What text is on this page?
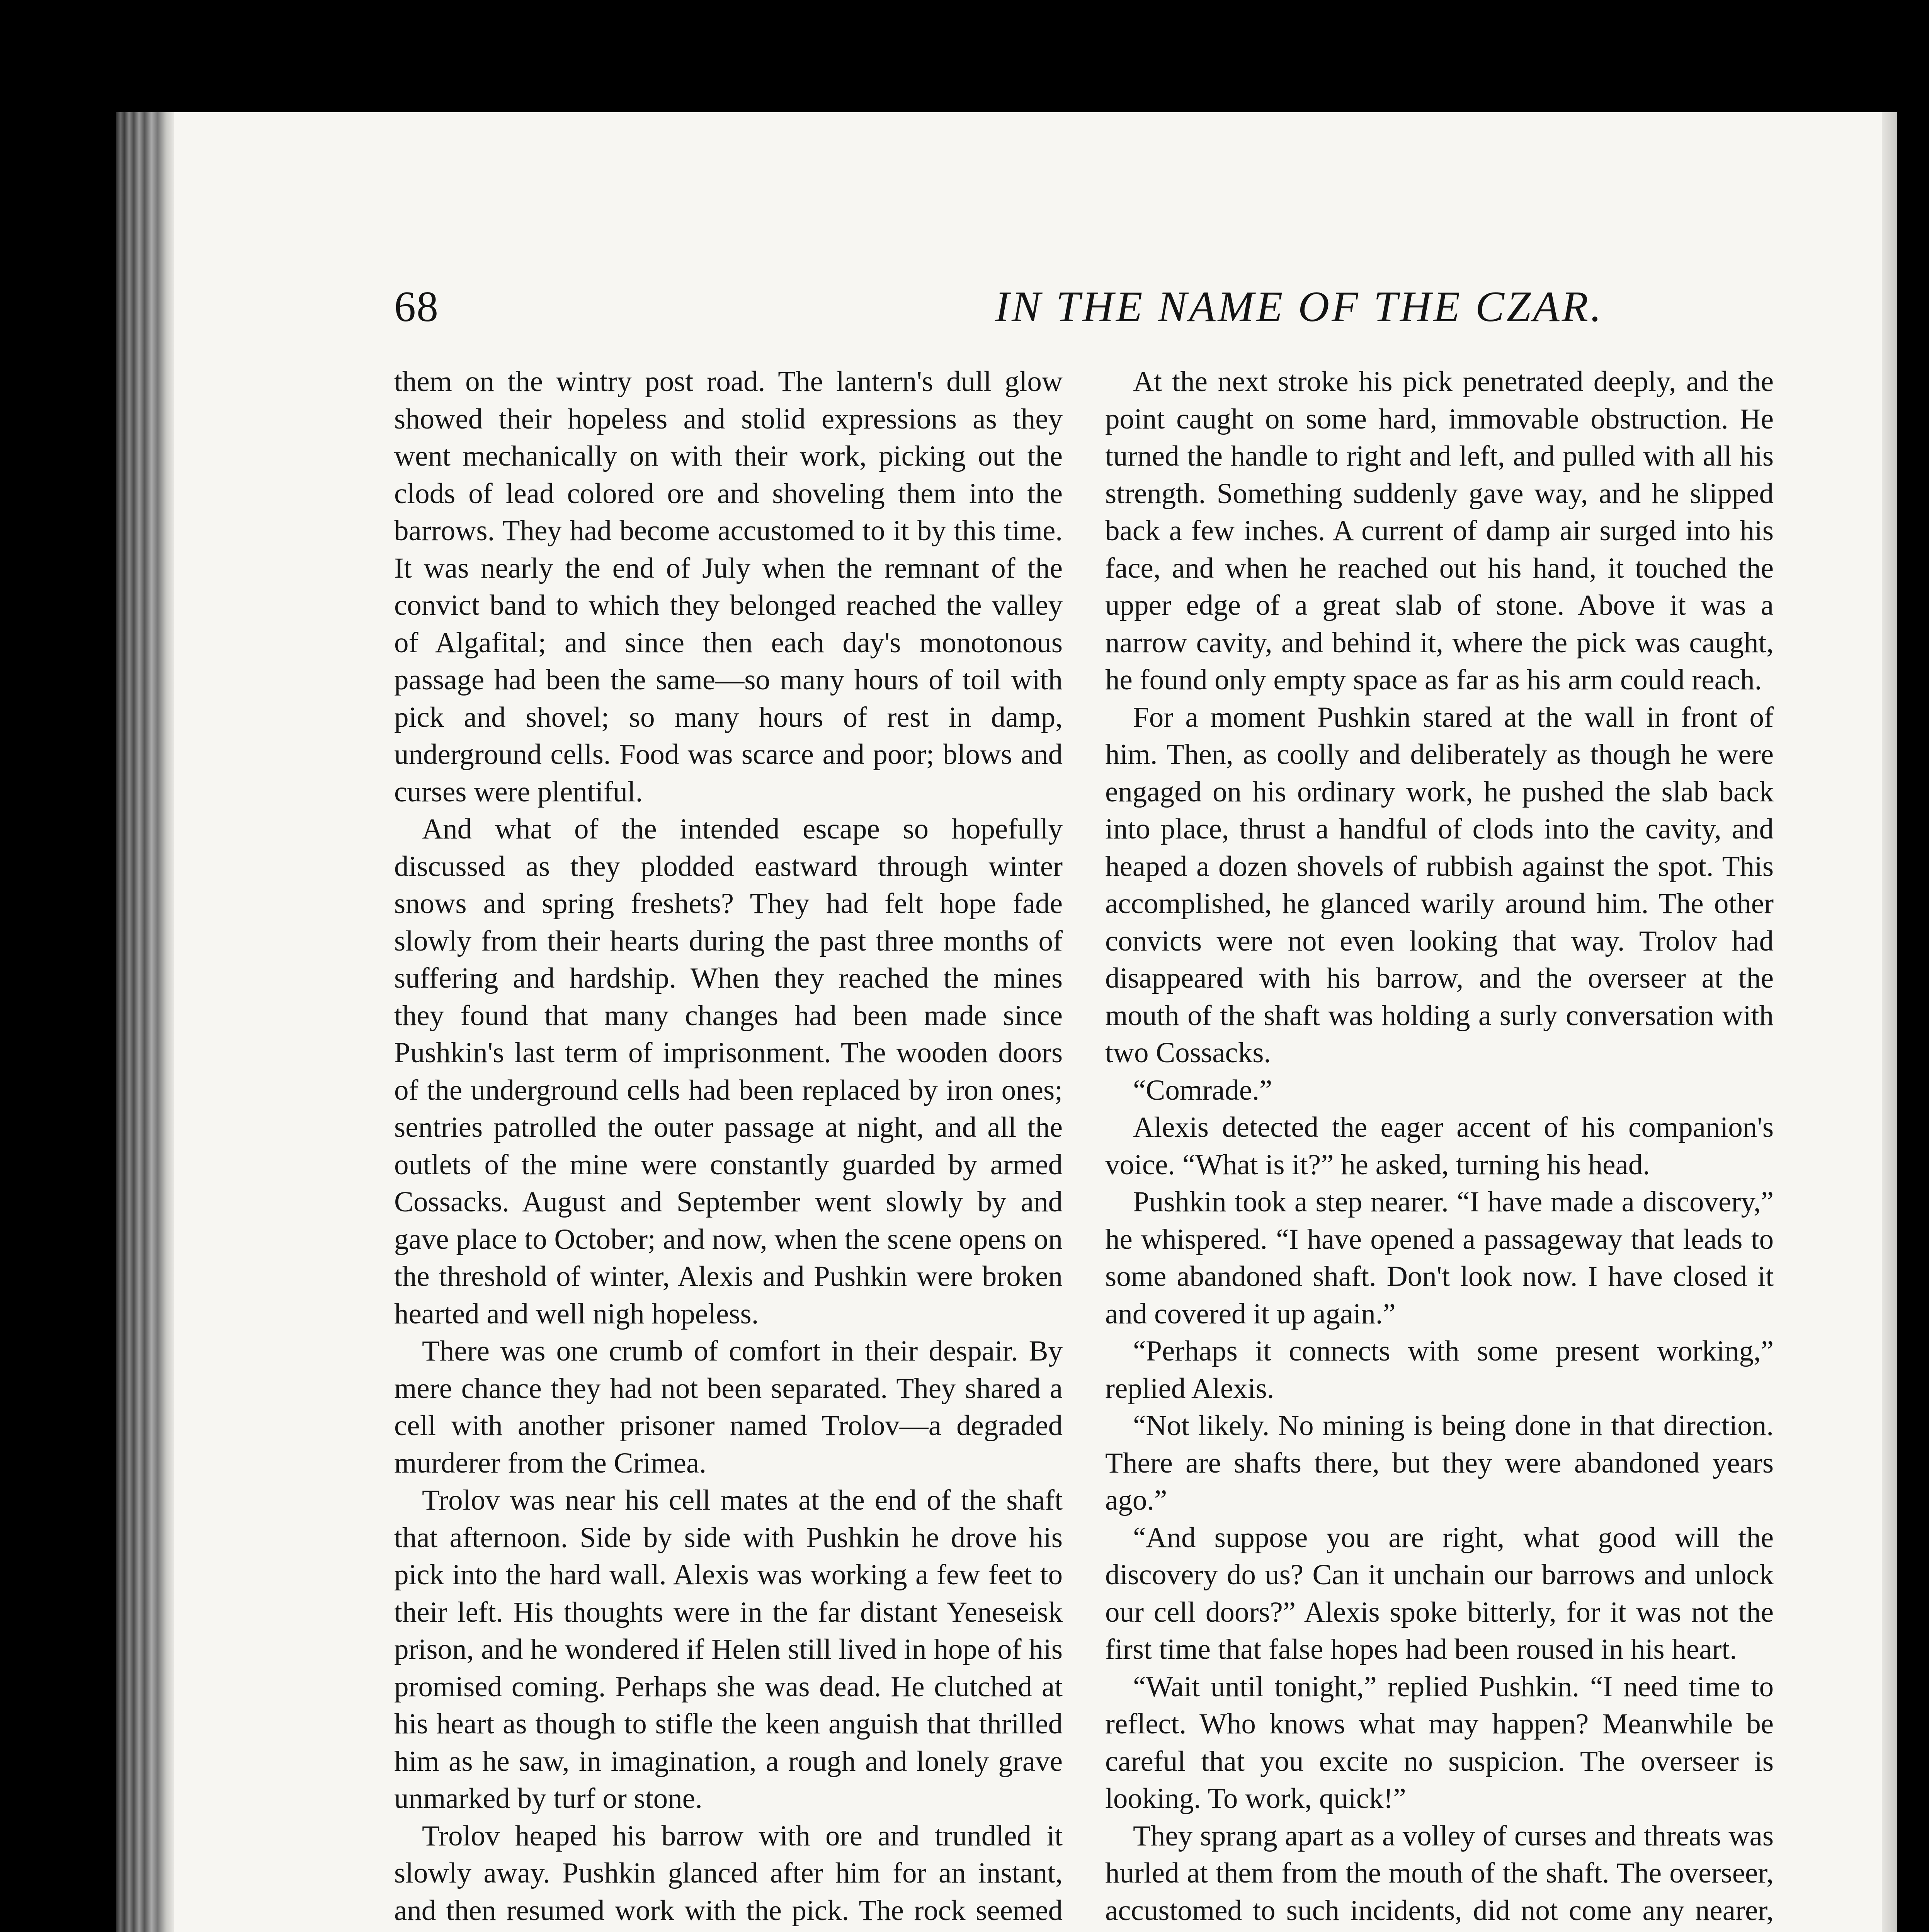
68	IN THE NAME OF THE CZAR.

them on the wintry post road. The lantern's dull glow showed their hopeless and stolid expressions as they went mechanically on with their work, picking out the clods of lead colored ore and shoveling them into the barrows. They had become accustomed to it by this time. It was nearly the end of July when the remnant of the convict band to which they belonged reached the valley of Algafital; and since then each day's monotonous passage had been the same—so many hours of toil with pick and shovel; so many hours of rest in damp, underground cells. Food was scarce and poor; blows and curses were plentiful.

And what of the intended escape so hopefully discussed as they plodded eastward through winter snows and spring freshets? They had felt hope fade slowly from their hearts during the past three months of suffering and hardship. When they reached the mines they found that many changes had been made since Pushkin's last term of imprisonment. The wooden doors of the underground cells had been replaced by iron ones; sentries patrolled the outer passage at night, and all the outlets of the mine were constantly guarded by armed Cossacks. August and September went slowly by and gave place to October; and now, when the scene opens on the threshold of winter, Alexis and Pushkin were broken hearted and well nigh hopeless.

There was one crumb of comfort in their despair. By mere chance they had not been separated. They shared a cell with another prisoner named Trolov—a degraded murderer from the Crimea.

Trolov was near his cell mates at the end of the shaft that afternoon. Side by side with Pushkin he drove his pick into the hard wall. Alexis was working a few feet to their left. His thoughts were in the far distant Yeneseisk prison, and he wondered if Helen still lived in hope of his promised coming. Perhaps she was dead. He clutched at his heart as though to stifle the keen anguish that thrilled him as he saw, in imagination, a rough and lonely grave unmarked by turf or stone.

Trolov heaped his barrow with ore and trundled it slowly away. Pushkin glanced after him for an instant, and then resumed work with the pick. The rock seemed

At the next stroke his pick penetrated deeply, and the point caught on some hard, immovable obstruction. He turned the handle to right and left, and pulled with all his strength. Something suddenly gave way, and he slipped back a few inches. A current of damp air surged into his face, and when he reached out his hand, it touched the upper edge of a great slab of stone. Above it was a narrow cavity, and behind it, where the pick was caught, he found only empty space as far as his arm could reach.

For a moment Pushkin stared at the wall in front of him. Then, as coolly and deliberately as though he were engaged on his ordinary work, he pushed the slab back into place, thrust a handful of clods into the cavity, and heaped a dozen shovels of rubbish against the spot. This accomplished, he glanced warily around him. The other convicts were not even looking that way. Trolov had disappeared with his barrow, and the overseer at the mouth of the shaft was holding a surly conversation with two Cossacks.

“Comrade.”

Alexis detected the eager accent of his companion's voice. “What is it?” he asked, turning his head.

Pushkin took a step nearer. “I have made a discovery,” he whispered. “I have opened a passageway that leads to some abandoned shaft. Don't look now. I have closed it and covered it up again.”

“Perhaps it connects with some present working,” replied Alexis.

“Not likely. No mining is being done in that direction. There are shafts there, but they were abandoned years ago.”

“And suppose you are right, what good will the discovery do us? Can it unchain our barrows and unlock our cell doors?” Alexis spoke bitterly, for it was not the first time that false hopes had been roused in his heart.

“Wait until tonight,” replied Pushkin. “I need time to reflect. Who knows what may happen? Meanwhile be careful that you excite no suspicion. The overseer is looking. To work, quick!”

They sprang apart as a volley of curses and threats was hurled at them from the mouth of the shaft. The overseer, accustomed to such incidents, did not come any nearer,
